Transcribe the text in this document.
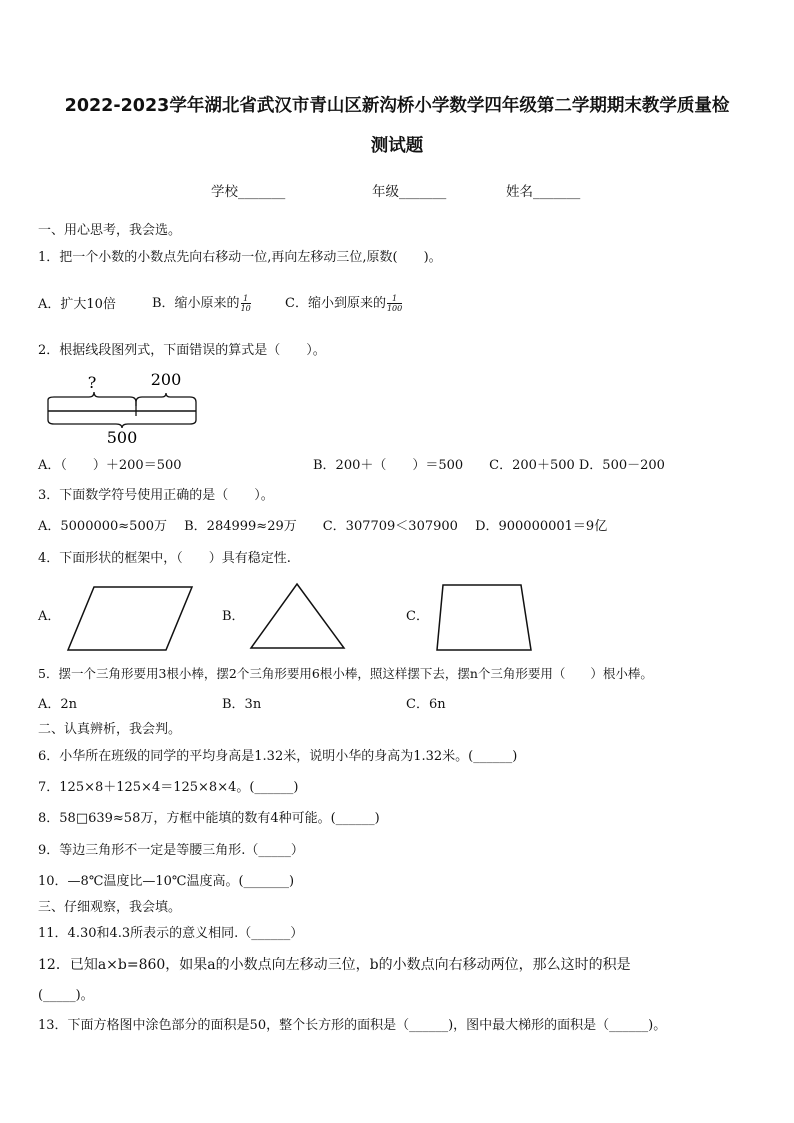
2022-2023学年湖北省武汉市青山区新沟桥小学数学四年级第二学期期末教学质量检
测试题
学校_______	年级_______	姓名_______
一、用心思考，我会选。
1．把一个小数的小数点先向右移动一位,再向左移动三位,原数(　　)。
A．扩大10倍	B．缩小原来的 $\frac{1}{10}$	C．缩小到原来的 $\frac{1}{100}$
2．根据线段图列式，下面错误的算式是（　　）。
?	200
500
A．（　　）＋200＝500	B．200＋（　　）＝500　　C．200＋500 D．500－200
3．下面数学符号使用正确的是（　　）。
A．5000000≈500万　 B．284999≈29万　　C．307709＜307900　 D．900000001＝9亿
4．下面形状的框架中，（　　）具有稳定性.
A．	B．	C．
5．摆一个三角形要用3根小棒，摆2个三角形要用6根小棒，照这样摆下去，摆n个三角形要用（　　）根小棒。
A．2n	B．3n	C．6n
二、认真辨析，我会判。
6．小华所在班级的同学的平均身高是1.32米，说明小华的身高为1.32米。(______)
7．125×8＋125×4＝125×8×4。(______)
8．58□639≈58万，方框中能填的数有4种可能。(______)
9．等边三角形不一定是等腰三角形.（_____）
10．—8℃温度比—10℃温度高。(_______)
三、仔细观察，我会填。
11．4.30和4.3所表示的意义相同.（______）
12．已知a×b=860，如果a的小数点向左移动三位，b的小数点向右移动两位，那么这时的积是
(_____)。
13．下面方格图中涂色部分的面积是50，整个长方形的面积是（______)，图中最大梯形的面积是（______)。
